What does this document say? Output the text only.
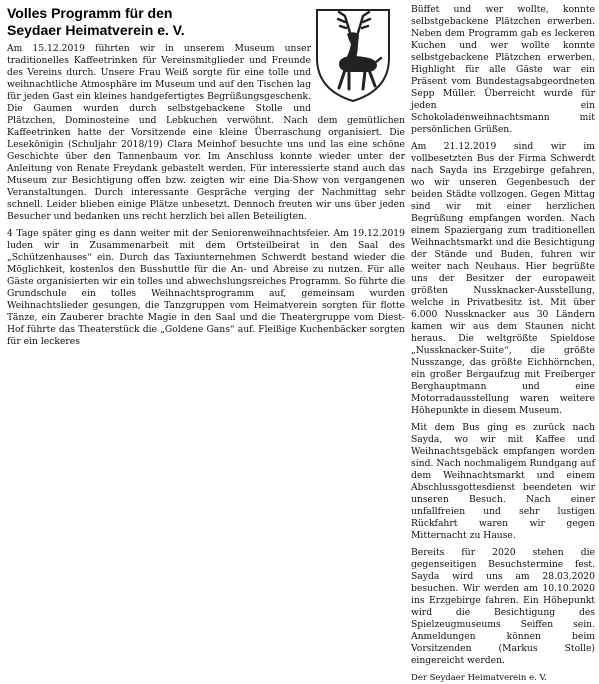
Volles Programm für den
Seydaer Heimatverein e. V.

Am 15.12.2019 führten wir in unserem Museum unser traditionelles Kaffeetrinken für Vereinsmitglieder und Freunde des Vereins durch. Unsere Frau Weiß sorgte für eine tolle und weihnachtliche Atmosphäre im Museum und auf den Tischen lag für jeden Gast ein kleines handgefertigtes Begrüßungsgeschenk. Die Gaumen wurden durch selbstgebackene Stolle und Plätzchen, Dominosteine und Lebkuchen verwöhnt. Nach dem gemütlichen Kaffeetrinken hatte der Vorsitzende eine kleine Überraschung organisiert. Die Lesekönigin (Schuljahr 2018/19) Clara Meinhof besuchte uns und las eine schöne Geschichte über den Tannenbaum vor. Im Anschluss konnte wieder unter der Anleitung von Renate Freydank gebastelt werden. Für interessierte stand auch das Museum zur Besichtigung offen bzw. zeigten wir eine Dia-Show von vergangenen Veranstaltungen. Durch interessante Gespräche verging der Nachmittag sehr schnell. Leider blieben einige Plätze unbesetzt. Dennoch freuten wir uns über jeden Besucher und bedanken uns recht herzlich bei allen Beteiligten.

4 Tage später ging es dann weiter mit der Seniorenweihnachtsfeier. Am 19.12.2019 luden wir in Zusammenarbeit mit dem Ortsteilbeirat in den Saal des „Schützenhauses“ ein. Durch das Taxiunternehmen Schwerdt bestand wieder die Möglichkeit, kostenlos den Busshuttle für die An- und Abreise zu nutzen. Für alle Gäste organisierten wir ein tolles und abwechslungsreiches Programm. So führte die Grundschule ein tolles Weihnachtsprogramm auf, gemeinsam wurden Weihnachtslieder gesungen, die Tanzgruppen vom Heimatverein sorgten für flotte Tänze, ein Zauberer brachte Magie in den Saal und die Theatergruppe vom Diest-Hof führte das Theaterstück die „Goldene Gans“ auf. Fleißige Kuchenbäcker sorgten für ein leckeres

Büffet und wer wollte, konnte selbstgebackene Plätzchen erwerben. Neben dem Programm gab es leckeren Kuchen und wer wollte konnte selbstgebackene Plätzchen erwerben. Highlight für alle Gäste war ein Präsent vom Bundestagsabgeordneten Sepp Müller. Überreicht wurde für jeden ein Schokoladenweihnachtsmann mit persönlichen Grüßen.

Am 21.12.2019 sind wir im vollbesetzten Bus der Firma Schwerdt nach Sayda ins Erzgebirge gefahren, wo wir unseren Gegenbesuch der beiden Städte vollzogen. Gegen Mittag sind wir mit einer herzlichen Begrüßung empfangen worden. Nach einem Spaziergang zum traditionellen Weihnachtsmarkt und die Besichtigung der Stände und Buden, fuhren wir weiter nach Neuhaus. Hier begrüßte uns der Besitzer der europaweit größten Nussknacker-Ausstellung, welche in Privatbesitz ist. Mit über 6.000 Nussknacker aus 30 Ländern kamen wir aus dem Staunen nicht heraus. Die weltgrößte Spieldose „Nussknacker-Suite“, die größte Nusszange, das größte Eichhörnchen, ein großer Bergaufzug mit Freiberger Berghauptmann und eine Motorradausstellung waren weitere Höhepunkte in diesem Museum.

Mit dem Bus ging es zurück nach Sayda, wo wir mit Kaffee und Weihnachtsgebäck empfangen worden sind. Nach nochmaligem Rundgang auf dem Weihnachtsmarkt und einem Abschlussgottesdienst beendeten wir unseren Besuch. Nach einer unfallfreien und sehr lustigen Rückfahrt waren wir gegen Mitternacht zu Hause.

Bereits für 2020 stehen die gegenseitigen Besuchstermine fest. Sayda wird uns am 28.03.2020 besuchen. Wir werden am 10.10.2020 ins Erzgebirge fahren. Ein Höhepunkt wird die Besichtigung des Spielzeugmuseums Seiffen sein. Anmeldungen können beim Vorsitzenden (Markus Stolle) eingereicht werden.

Der Seydaer Heimatverein e. V.
